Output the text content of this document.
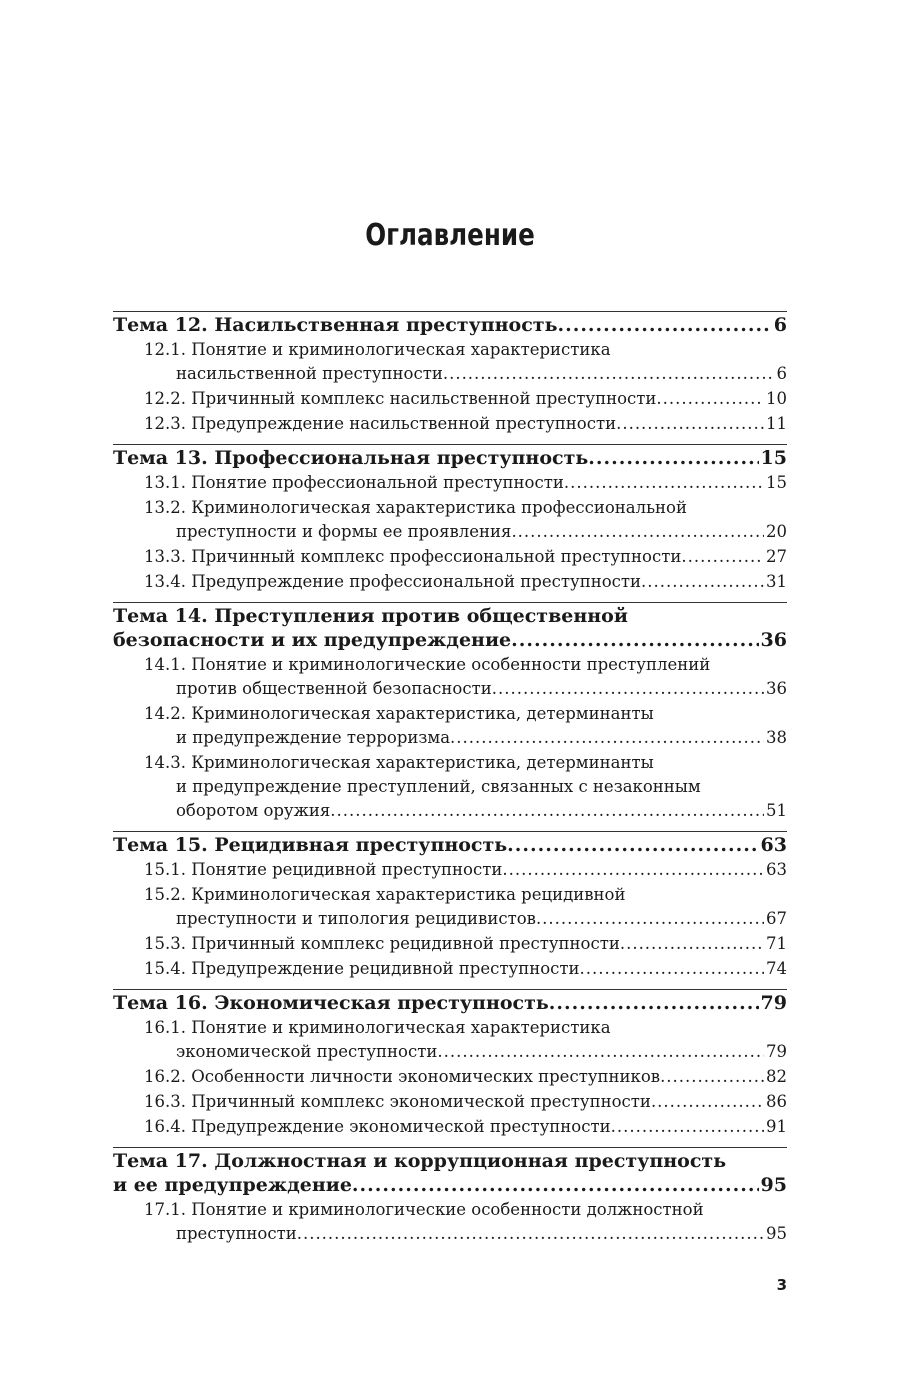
Оглавление
Тема 12. Насильственная преступность .....	6
12.1. Понятие и криминологическая характеристика
насильственной преступности .....	6
12.2. Причинный комплекс насильственной преступности .....	10
12.3. Предупреждение насильственной преступности .....	11
Тема 13. Профессиональная преступность .....	15
13.1. Понятие профессиональной преступности .....	15
13.2. Криминологическая характеристика профессиональной
преступности и формы ее проявления .....	20
13.3. Причинный комплекс профессиональной преступности .....	27
13.4. Предупреждение профессиональной преступности .....	31
Тема 14. Преступления против общественной
безопасности и их предупреждение .....	36
14.1. Понятие и криминологические особенности преступлений
против общественной безопасности .....	36
14.2. Криминологическая характеристика, детерминанты
и предупреждение терроризма .....	38
14.3. Криминологическая характеристика, детерминанты
и предупреждение преступлений, связанных с незаконным
оборотом оружия .....	51
Тема 15. Рецидивная преступность .....	63
15.1. Понятие рецидивной преступности .....	63
15.2. Криминологическая характеристика рецидивной
преступности и типология рецидивистов .....	67
15.3. Причинный комплекс рецидивной преступности .....	71
15.4. Предупреждение рецидивной преступности .....	74
Тема 16. Экономическая преступность .....	79
16.1. Понятие и криминологическая характеристика
экономической преступности .....	79
16.2. Особенности личности экономических преступников .....	82
16.3. Причинный комплекс экономической преступности .....	86
16.4. Предупреждение экономической преступности .....	91
Тема 17. Должностная и коррупционная преступность
и ее предупреждение .....	95
17.1. Понятие и криминологические особенности должностной
преступности .....	95
3
